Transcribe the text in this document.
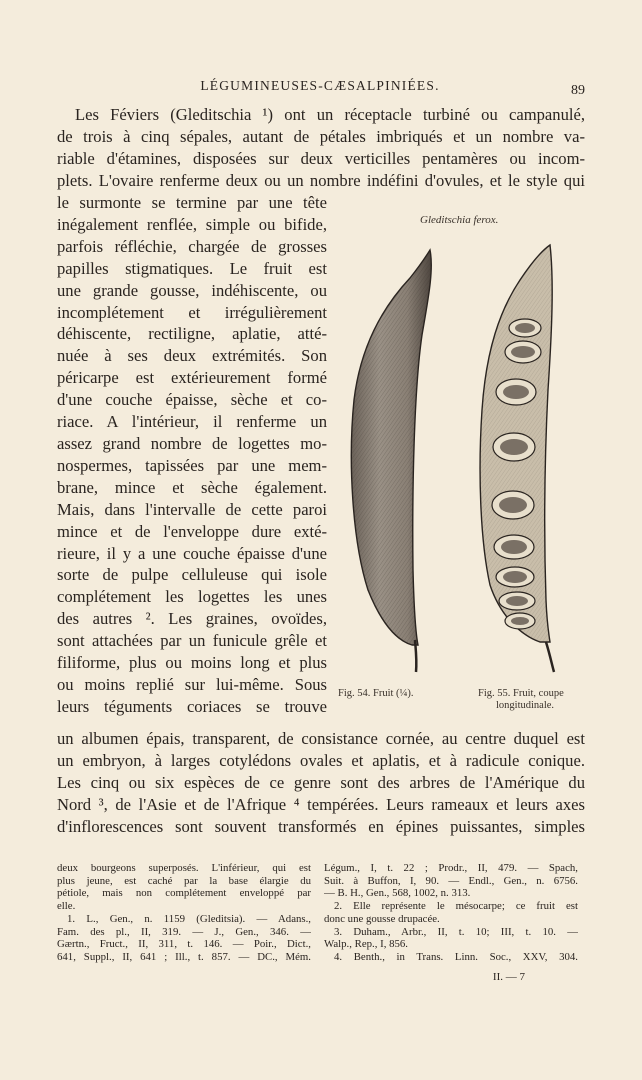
LÉGUMINEUSES-CÆSALPINIÉES.	89
Les Féviers (Gleditschia ¹) ont un réceptacle turbiné ou campanulé,
de trois à cinq sépales, autant de pétales imbriqués et un nombre va-
riable d'étamines, disposées sur deux verticilles pentamères ou incom-
plets. L'ovaire renferme deux ou un nombre indéfini d'ovules, et le style qui
le surmonte se termine par une tête
inégalement renflée, simple ou bifide,
parfois réfléchie, chargée de grosses
papilles stigmatiques. Le fruit est
une grande gousse, indéhiscente, ou
incomplétement et irrégulièrement
déhiscente, rectiligne, aplatie, atté-
nuée à ses deux extrémités. Son
péricarpe est extérieurement formé
d'une couche épaisse, sèche et co-
riace. A l'intérieur, il renferme un
assez grand nombre de logettes mo-
nospermes, tapissées par une mem-
brane, mince et sèche également.
Mais, dans l'intervalle de cette paroi
mince et de l'enveloppe dure exté-
rieure, il y a une couche épaisse d'une
sorte de pulpe celluleuse qui isole
complétement les logettes les unes
des autres ². Les graines, ovoïdes,
sont attachées par un funicule grêle et
filiforme, plus ou moins long et plus
ou moins replié sur lui-même. Sous
leurs téguments coriaces se trouve
Gleditschia ferox.
Fig. 54. Fruit (¼).	Fig. 55. Fruit, coupe
longitudinale.
un albumen épais, transparent, de consistance cornée, au centre duquel est
un embryon, à larges cotylédons ovales et aplatis, et à radicule conique.
Les cinq ou six espèces de ce genre sont des arbres de l'Amérique du
Nord ³, de l'Asie et de l'Afrique ⁴ tempérées. Leurs rameaux et leurs axes
d'inflorescences sont souvent transformés en épines puissantes, simples
deux bourgeons superposés. L'inférieur, qui est
plus jeune, est caché par la base élargie du
pétiole, mais non complétement enveloppé par
elle.
1. L., Gen., n. 1159 (Gleditsia). — Adans.,
Fam. des pl., II, 319. — J., Gen., 346. —
Gærtn., Fruct., II, 311, t. 146. — Poir., Dict.,
641, Suppl., II, 641 ; Ill., t. 857. — DC., Mém.
Légum., I, t. 22 ; Prodr., II, 479. — Spach,
Suit. à Buffon, I, 90. — Endl., Gen., n. 6756.
— B. H., Gen., 568, 1002, n. 313.
2. Elle représente le mésocarpe; ce fruit est
donc une gousse drupacée.
3. Duham., Arbr., II, t. 10; III, t. 10. —
Walp., Rep., I, 856.
4. Benth., in Trans. Linn. Soc., XXV, 304.
II. — 7
